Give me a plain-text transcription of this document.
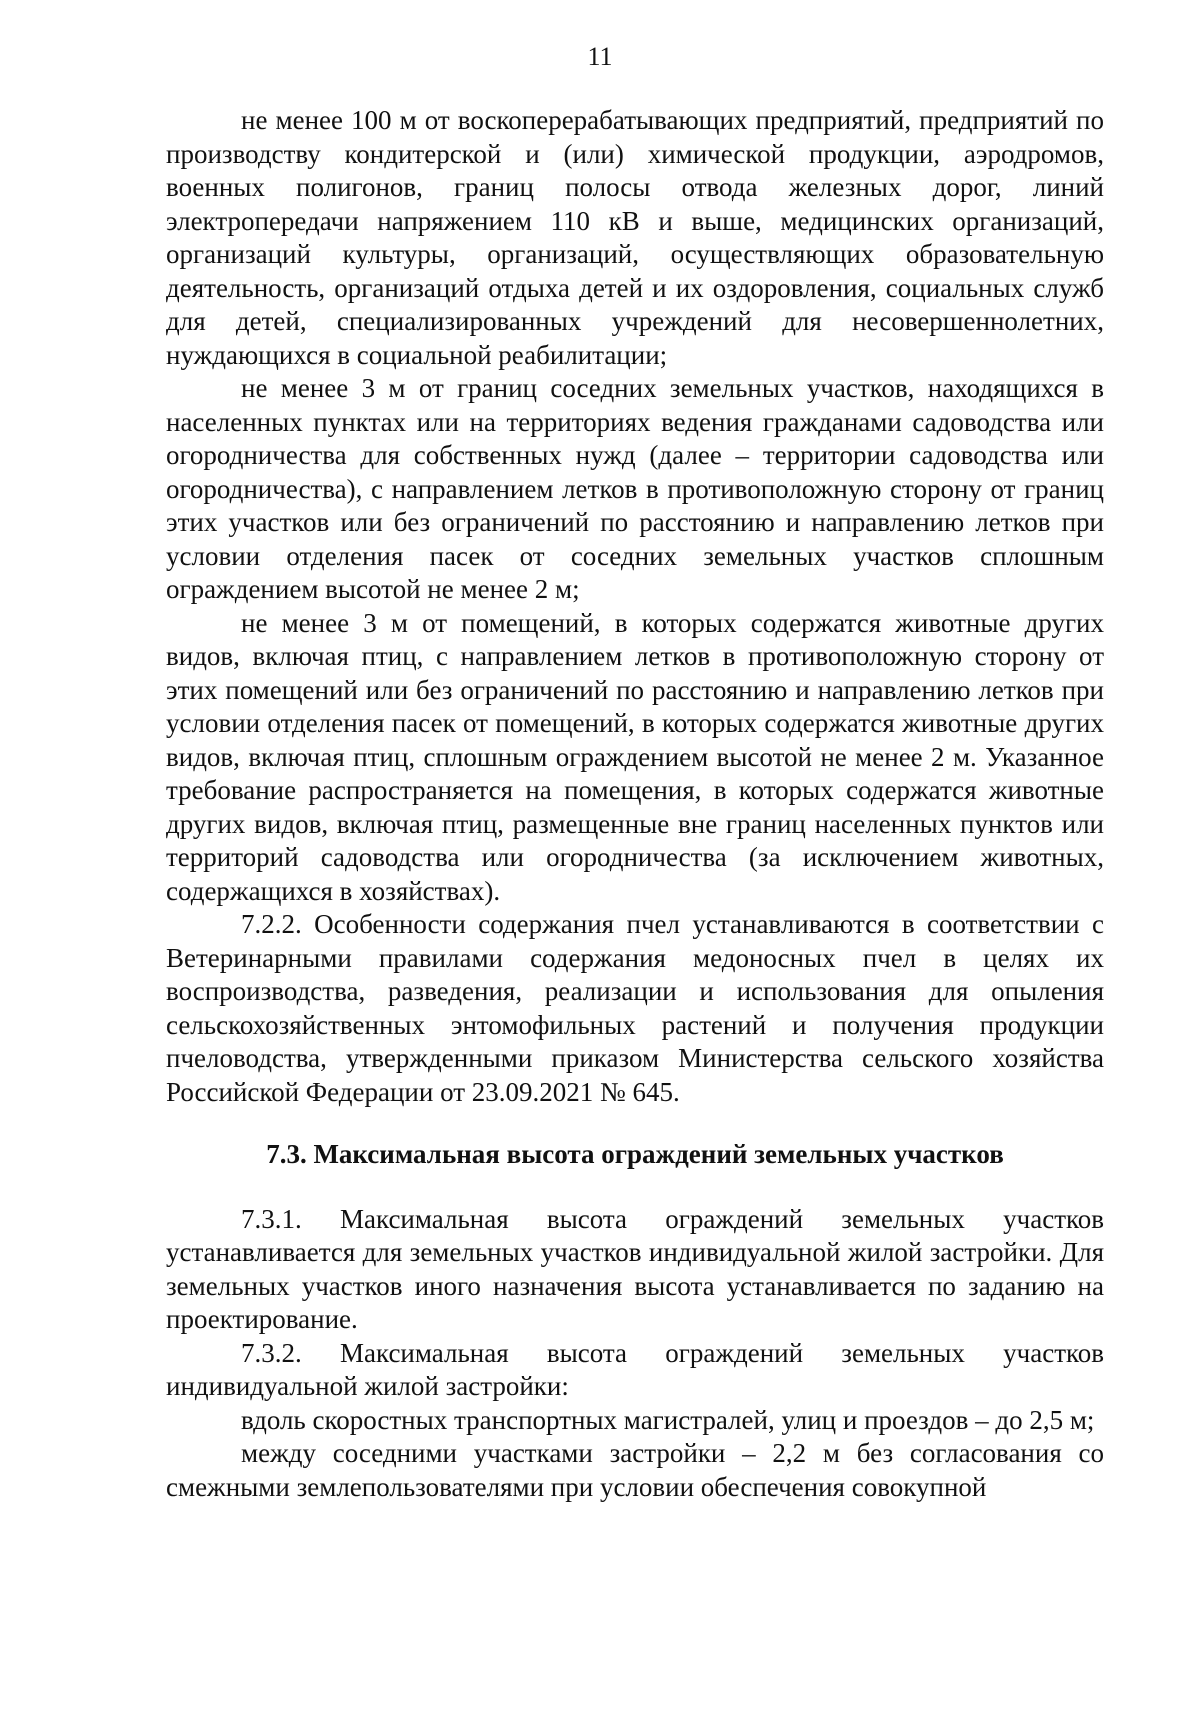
11

не менее 100 м от воскоперерабатывающих предприятий, предприятий по производству кондитерской и (или) химической продукции, аэродромов, военных полигонов, границ полосы отвода железных дорог, линий электропередачи напряжением 110 кВ и выше, медицинских организаций, организаций культуры, организаций, осуществляющих образовательную деятельность, организаций отдыха детей и их оздоровления, социальных служб для детей, специализированных учреждений для несовершеннолетних, нуждающихся в социальной реабилитации;

не менее 3 м от границ соседних земельных участков, находящихся в населенных пунктах или на территориях ведения гражданами садоводства или огородничества для собственных нужд (далее – территории садоводства или огородничества), с направлением летков в противоположную сторону от границ этих участков или без ограничений по расстоянию и направлению летков при условии отделения пасек от соседних земельных участков сплошным ограждением высотой не менее 2 м;

не менее 3 м от помещений, в которых содержатся животные других видов, включая птиц, с направлением летков в противоположную сторону от этих помещений или без ограничений по расстоянию и направлению летков при условии отделения пасек от помещений, в которых содержатся животные других видов, включая птиц, сплошным ограждением высотой не менее 2 м. Указанное требование распространяется на помещения, в которых содержатся животные других видов, включая птиц, размещенные вне границ населенных пунктов или территорий садоводства или огородничества (за исключением животных, содержащихся в хозяйствах).

7.2.2. Особенности содержания пчел устанавливаются в соответствии с Ветеринарными правилами содержания медоносных пчел в целях их воспроизводства, разведения, реализации и использования для опыления сельскохозяйственных энтомофильных растений и получения продукции пчеловодства, утвержденными приказом Министерства сельского хозяйства Российской Федерации от 23.09.2021 № 645.

7.3. Максимальная высота ограждений земельных участков

7.3.1. Максимальная высота ограждений земельных участков устанавливается для земельных участков индивидуальной жилой застройки. Для земельных участков иного назначения высота устанавливается по заданию на проектирование.

7.3.2. Максимальная высота ограждений земельных участков индивидуальной жилой застройки:

вдоль скоростных транспортных магистралей, улиц и проездов – до 2,5 м;

между соседними участками застройки – 2,2 м без согласования со смежными землепользователями при условии обеспечения совокупной
